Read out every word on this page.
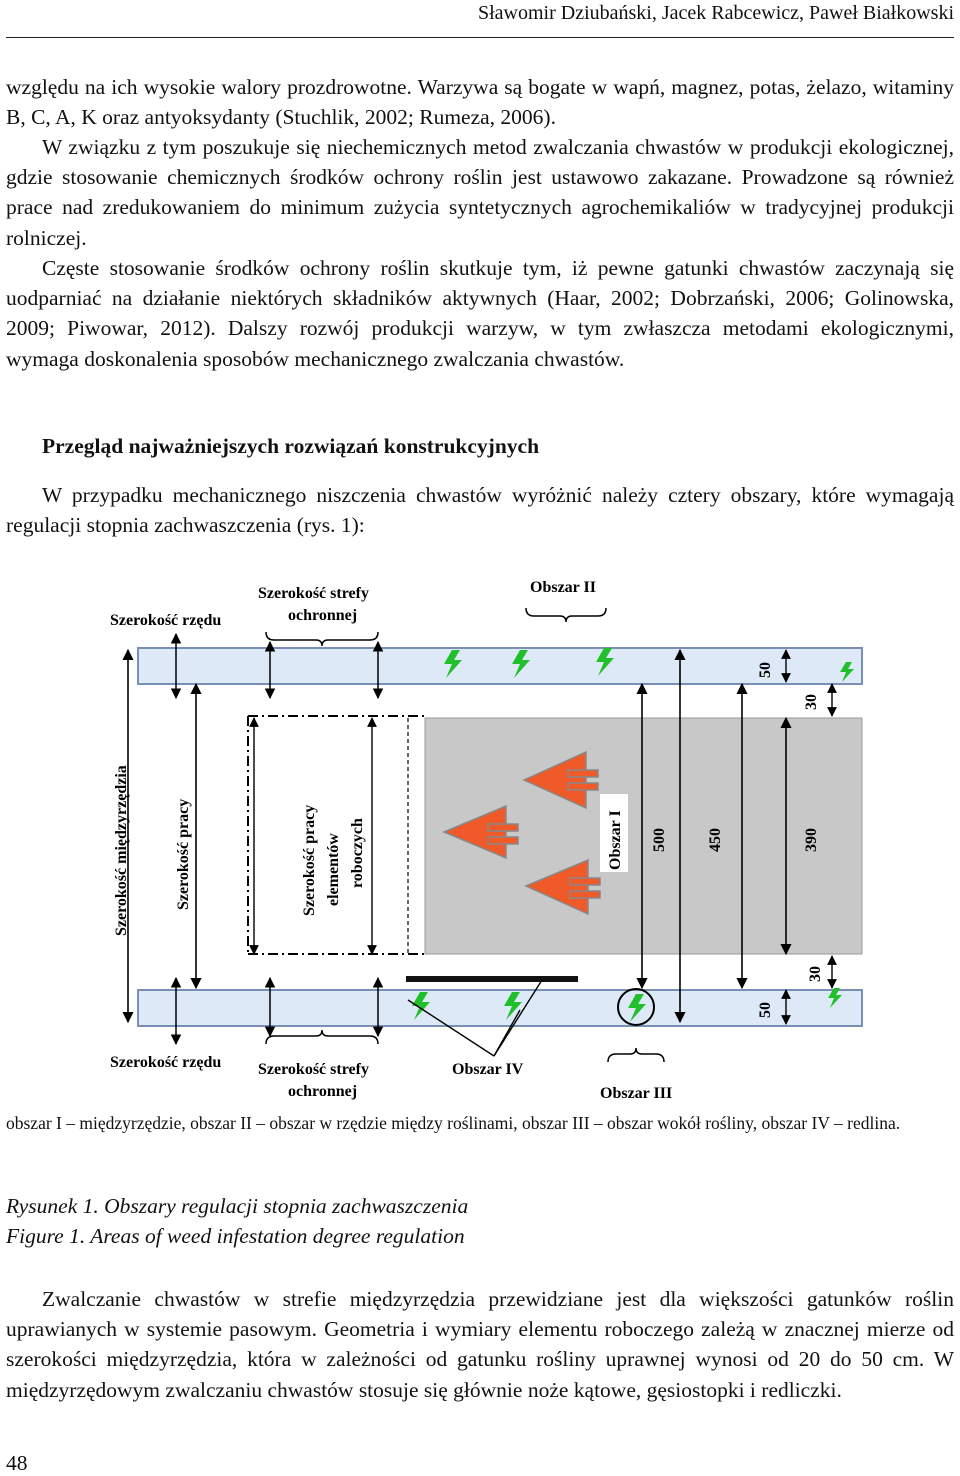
Sławomir Dziubański, Jacek Rabcewicz, Paweł Białkowski

względu na ich wysokie walory prozdrowotne. Warzywa są bogate w wapń, magnez, potas, żelazo, witaminy B, C, A, K oraz antyoksydanty (Stuchlik, 2002; Rumeza, 2006).

W związku z tym poszukuje się niechemicznych metod zwalczania chwastów w produkcji ekologicznej, gdzie stosowanie chemicznych środków ochrony roślin jest ustawowo zakazane. Prowadzone są również prace nad zredukowaniem do minimum zużycia syntetycznych agrochemikaliów w tradycyjnej produkcji rolniczej.

Częste stosowanie środków ochrony roślin skutkuje tym, iż pewne gatunki chwastów zaczynają się uodparniać na działanie niektórych składników aktywnych (Haar, 2002; Dobrzański, 2006; Golinowska, 2009; Piwowar, 2012). Dalszy rozwój produkcji warzyw, w tym zwłaszcza metodami ekologicznymi, wymaga doskonalenia sposobów mechanicznego zwalczania chwastów.

Przegląd najważniejszych rozwiązań konstrukcyjnych

W przypadku mechanicznego niszczenia chwastów wyróżnić należy cztery obszary, które wymagają regulacji stopnia zachwaszczenia (rys. 1):

Szerokość rzędu
Szerokość strefy
ochronnej
Obszar II
50
30
500 450	390
30
50
Obszar I
Szerokość międzyrzędzia	Szerokość pracy	Szerokość pracy elementów roboczych
Szerokość rzędu Szerokość strefy
ochronnej
Obszar IV
Obszar III

obszar I – międzyrzędzie, obszar II – obszar w rzędzie między roślinami, obszar III – obszar wokół rośliny, obszar IV – redlina.

Rysunek 1. Obszary regulacji stopnia zachwaszczenia

Figure 1. Areas of weed infestation degree regulation

Zwalczanie chwastów w strefie międzyrzędzia przewidziane jest dla większości gatunków roślin uprawianych w systemie pasowym. Geometria i wymiary elementu roboczego zależą w znacznej mierze od szerokości międzyrzędzia, która w zależności od gatunku rośliny uprawnej wynosi od 20 do 50 cm. W międzyrzędowym zwalczaniu chwastów stosuje się głównie noże kątowe, gęsiostopki i redliczki.

48
